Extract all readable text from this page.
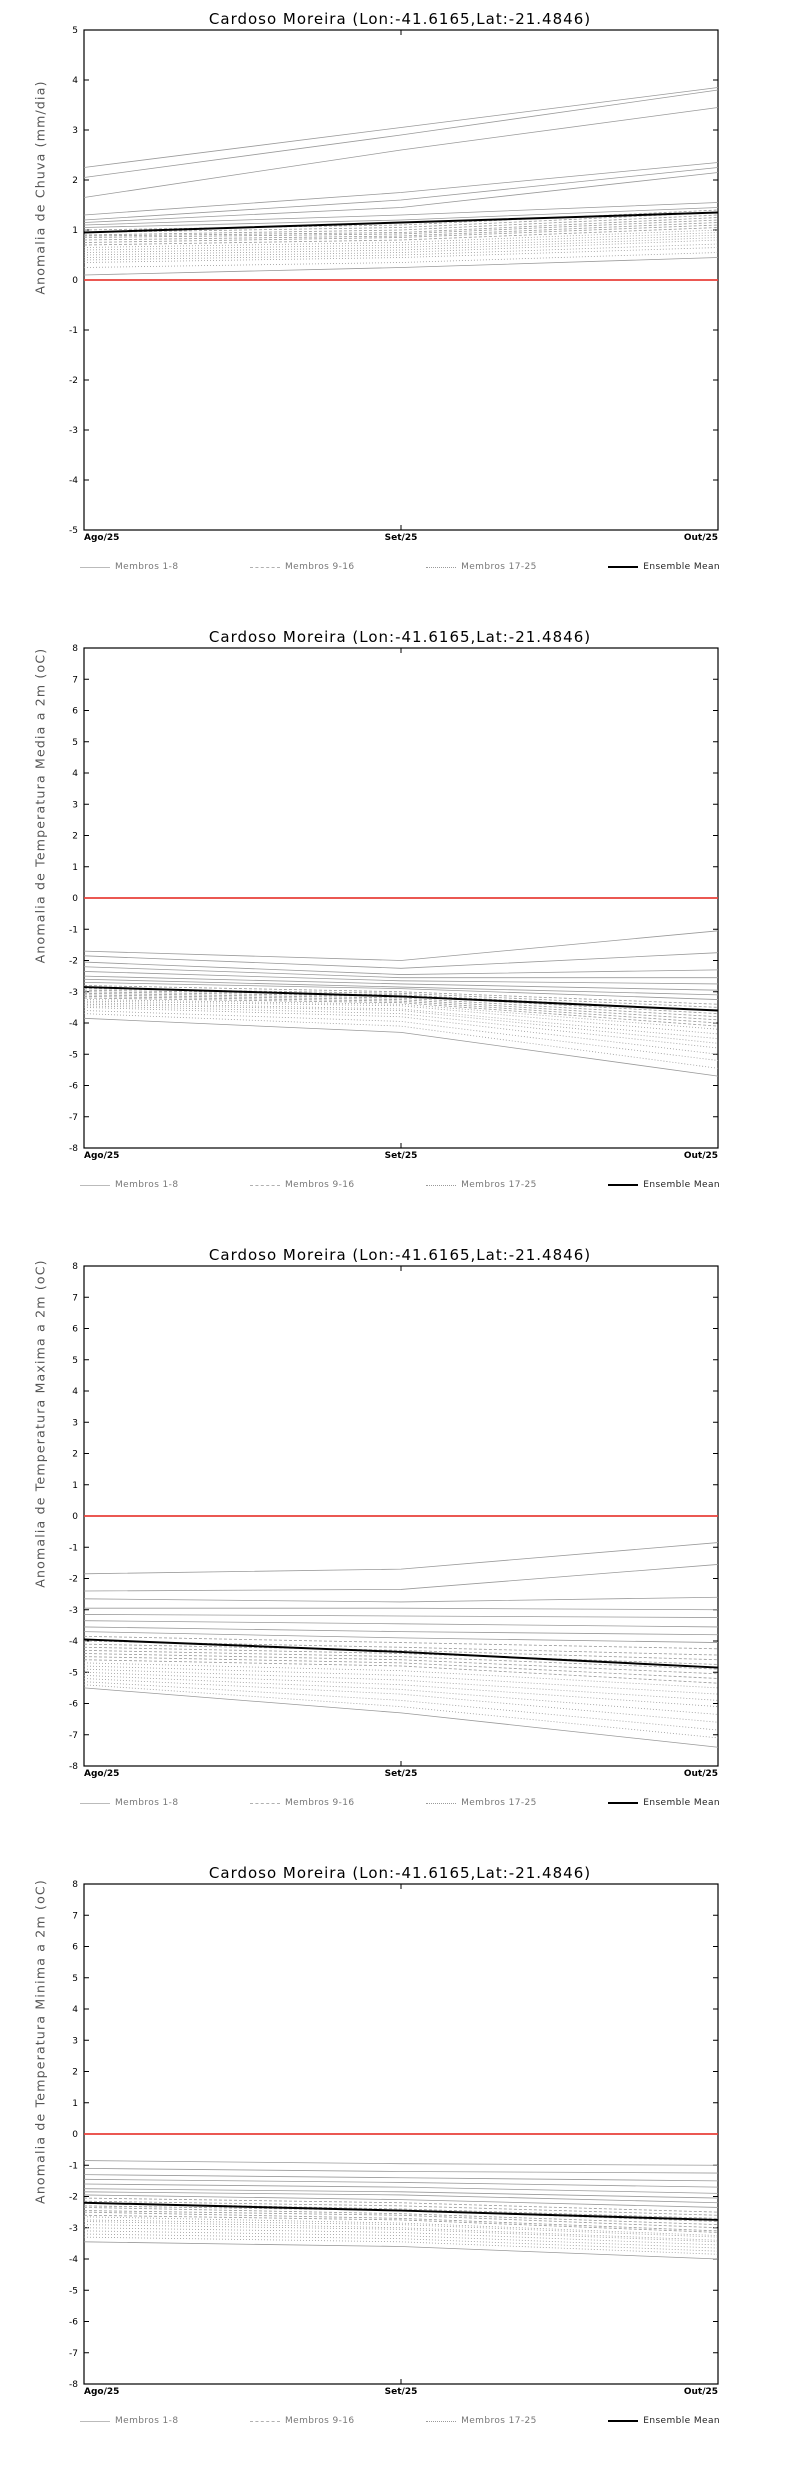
Cardoso Moreira (Lon:-41.6165,Lat:-21.4846)
-5
-4
-3
-2
-1
0
1
2
3
4
5
Ago/25	Set/25	Out/25
Anomalia de Chuva (mm/dia)
Membros 1-8	Membros 9-16	Membros 17-25	Ensemble Mean
Cardoso Moreira (Lon:-41.6165,Lat:-21.4846)
-8
-7
-6
-5
-4
-3
-2
-1
0
1
2
3
4
5
6
7
8
Ago/25	Set/25	Out/25
Anomalia de Temperatura Media a 2m (oC)
Membros 1-8	Membros 9-16	Membros 17-25	Ensemble Mean
Cardoso Moreira (Lon:-41.6165,Lat:-21.4846)
-8
-7
-6
-5
-4
-3
-2
-1
0
1
2
3
4
5
6
7
8
Ago/25	Set/25	Out/25
Anomalia de Temperatura Maxima a 2m (oC)
Membros 1-8	Membros 9-16	Membros 17-25	Ensemble Mean
Cardoso Moreira (Lon:-41.6165,Lat:-21.4846)
-8
-7
-6
-5
-4
-3
-2
-1
0
1
2
3
4
5
6
7
8
Ago/25	Set/25	Out/25
Anomalia de Temperatura Minima a 2m (oC)
Membros 1-8	Membros 9-16	Membros 17-25	Ensemble Mean
